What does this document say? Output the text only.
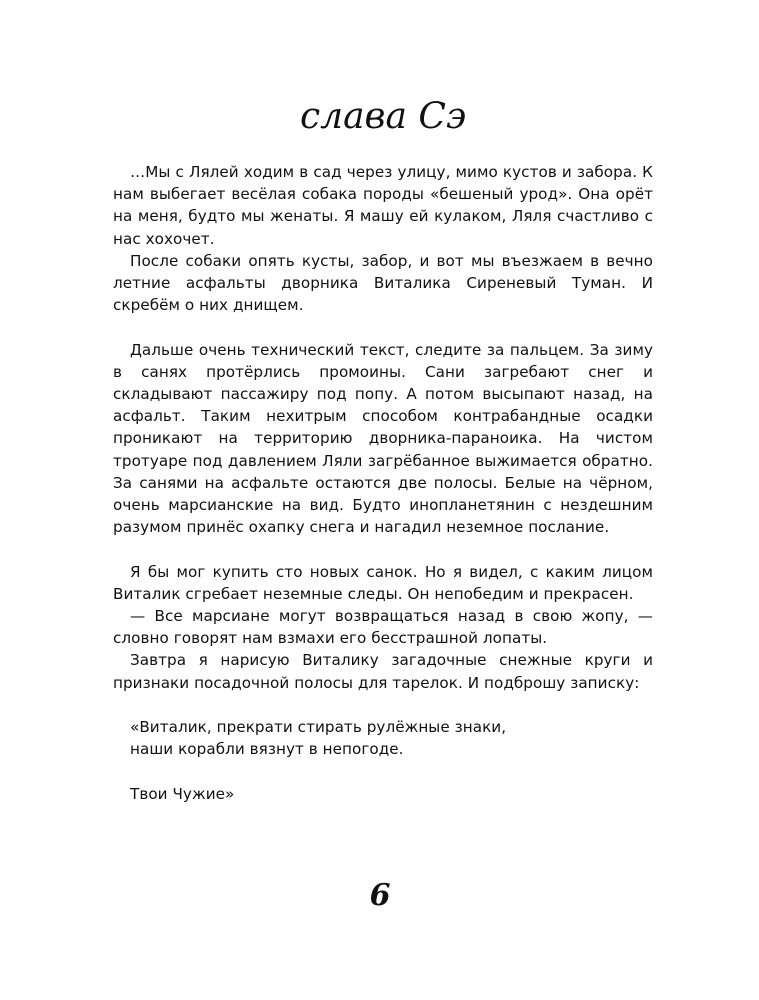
слава Сэ

…Мы с Лялей ходим в сад через улицу, мимо кустов и забора. К нам выбегает весёлая собака породы «бешеный урод». Она орёт на меня, будто мы женаты. Я машу ей кулаком, Ляля счастливо с нас хохочет.

После собаки опять кусты, забор, и вот мы въезжаем в вечно летние асфальты дворника Виталика Сиреневый Туман. И скребём о них днищем.

Дальше очень технический текст, следите за пальцем. За зиму в санях протёрлись промоины. Сани загребают снег и складывают пассажиру под попу. А потом высыпают назад, на асфальт. Таким нехитрым способом контрабандные осадки проникают на территорию дворника-параноика. На чистом тротуаре под давлением Ляли загрёбанное выжимается обратно. За санями на асфальте остаются две полосы. Белые на чёрном, очень марсианские на вид. Будто инопланетянин с нездешним разумом принёс охапку снега и нагадил неземное послание.

Я бы мог купить сто новых санок. Но я видел, с каким лицом Виталик сгребает неземные следы. Он непобедим и прекрасен.

— Все марсиане могут возвращаться назад в свою жопу, — словно говорят нам взмахи его бесстрашной лопаты.

Завтра я нарисую Виталику загадочные снежные круги и признаки посадочной полосы для тарелок. И подброшу записку:

«Виталик, прекрати стирать рулёжные знаки,

наши корабли вязнут в непогоде.

Твои Чужие»

6
